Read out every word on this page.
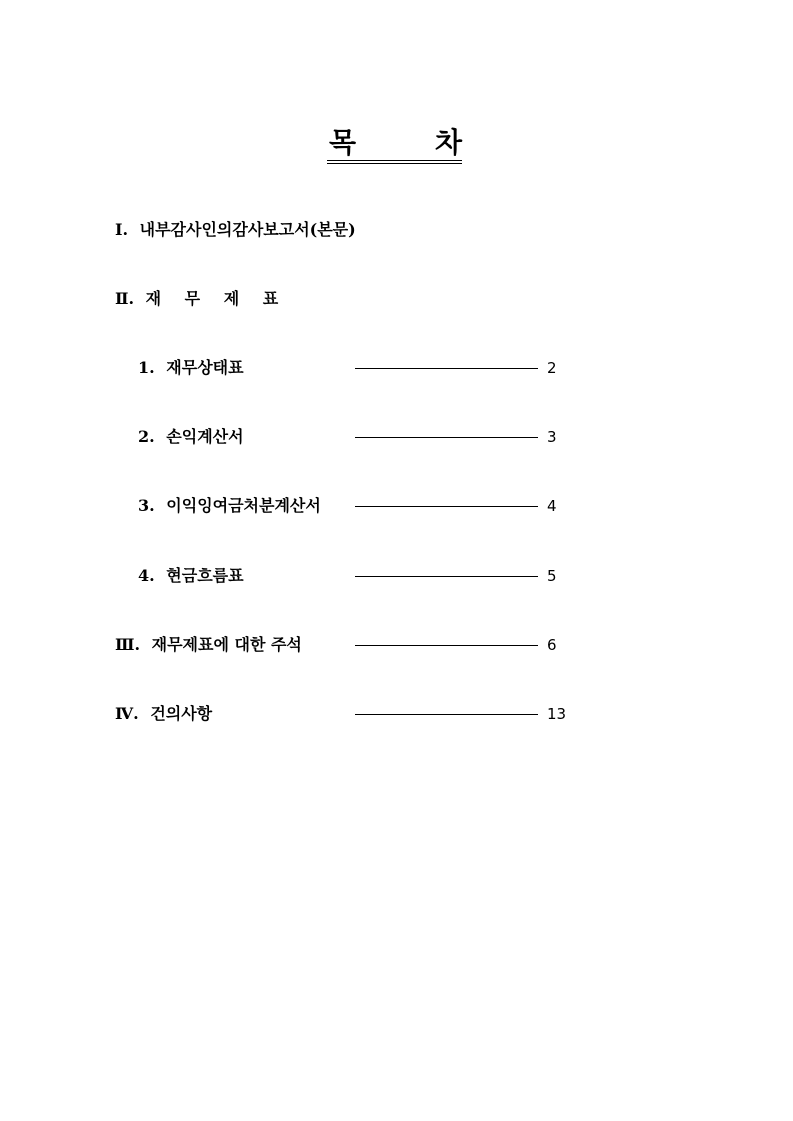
목	차
Ⅰ. 내부감사인의감사보고서(본문)
Ⅱ. 재 무 제 표
1. 재무상태표	2
2. 손익계산서	3
3. 이익잉여금처분계산서	4
4. 현금흐름표	5
Ⅲ. 재무제표에 대한 주석	6
Ⅳ. 건의사항	13
